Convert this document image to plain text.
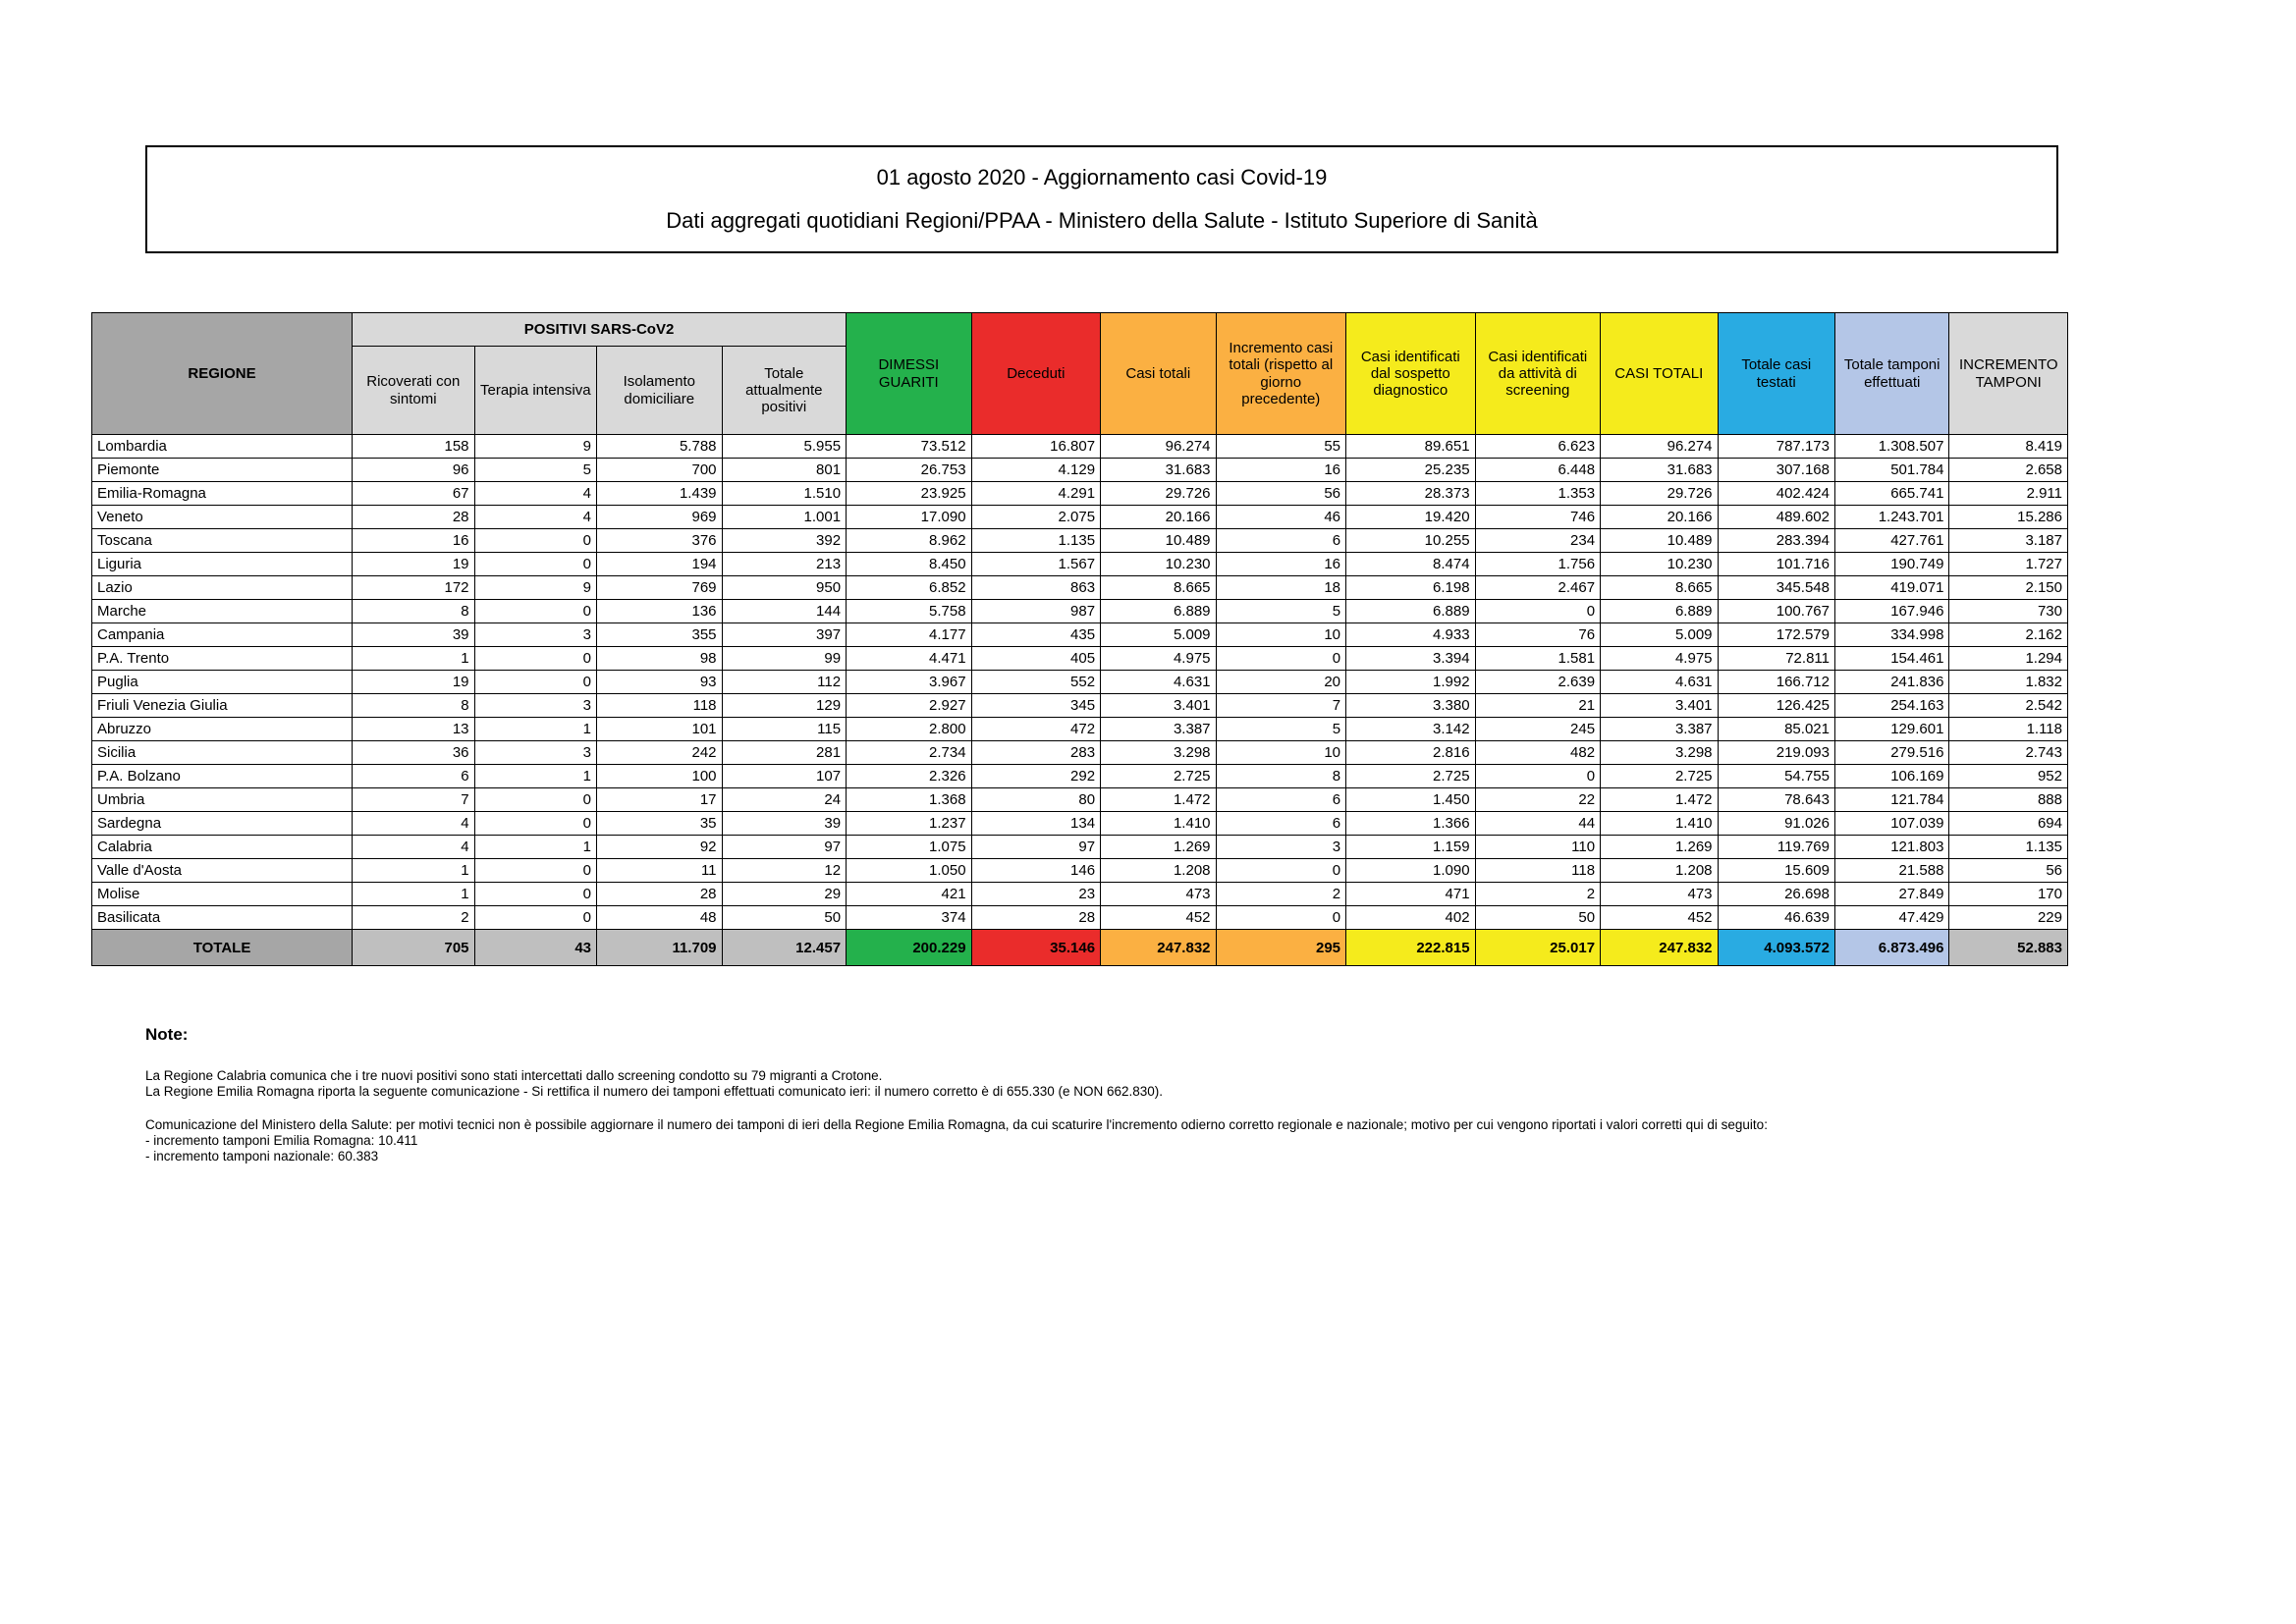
01 agosto 2020 - Aggiornamento casi Covid-19
Dati aggregati quotidiani Regioni/PPAA - Ministero della Salute - Istituto Superiore di Sanità
REGIONE	POSITIVI SARS-CoV2				DIMESSI GUARITI	Deceduti	Casi totali	Incremento casi totali (rispetto al giorno precedente)	Casi identificati dal sospetto diagnostico	Casi identificati da attività di screening	CASI TOTALI	Totale casi testati	Totale tamponi effettuati	INCREMENTO TAMPONI
	Ricoverati con sintomi	Terapia intensiva	Isolamento domiciliare	Totale attualmente positivi										
Lombardia	158	9	5.788	5.955	73.512	16.807	96.274	55	89.651	6.623	96.274	787.173	1.308.507	8.419
Piemonte	96	5	700	801	26.753	4.129	31.683	16	25.235	6.448	31.683	307.168	501.784	2.658
Emilia-Romagna	67	4	1.439	1.510	23.925	4.291	29.726	56	28.373	1.353	29.726	402.424	665.741	2.911
Veneto	28	4	969	1.001	17.090	2.075	20.166	46	19.420	746	20.166	489.602	1.243.701	15.286
Toscana	16	0	376	392	8.962	1.135	10.489	6	10.255	234	10.489	283.394	427.761	3.187
Liguria	19	0	194	213	8.450	1.567	10.230	16	8.474	1.756	10.230	101.716	190.749	1.727
Lazio	172	9	769	950	6.852	863	8.665	18	6.198	2.467	8.665	345.548	419.071	2.150
Marche	8	0	136	144	5.758	987	6.889	5	6.889	0	6.889	100.767	167.946	730
Campania	39	3	355	397	4.177	435	5.009	10	4.933	76	5.009	172.579	334.998	2.162
P.A. Trento	1	0	98	99	4.471	405	4.975	0	3.394	1.581	4.975	72.811	154.461	1.294
Puglia	19	0	93	112	3.967	552	4.631	20	1.992	2.639	4.631	166.712	241.836	1.832
Friuli Venezia Giulia	8	3	118	129	2.927	345	3.401	7	3.380	21	3.401	126.425	254.163	2.542
Abruzzo	13	1	101	115	2.800	472	3.387	5	3.142	245	3.387	85.021	129.601	1.118
Sicilia	36	3	242	281	2.734	283	3.298	10	2.816	482	3.298	219.093	279.516	2.743
P.A. Bolzano	6	1	100	107	2.326	292	2.725	8	2.725	0	2.725	54.755	106.169	952
Umbria	7	0	17	24	1.368	80	1.472	6	1.450	22	1.472	78.643	121.784	888
Sardegna	4	0	35	39	1.237	134	1.410	6	1.366	44	1.410	91.026	107.039	694
Calabria	4	1	92	97	1.075	97	1.269	3	1.159	110	1.269	119.769	121.803	1.135
Valle d'Aosta	1	0	11	12	1.050	146	1.208	0	1.090	118	1.208	15.609	21.588	56
Molise	1	0	28	29	421	23	473	2	471	2	473	26.698	27.849	170
Basilicata	2	0	48	50	374	28	452	0	402	50	452	46.639	47.429	229
TOTALE	705	43	11.709	12.457	200.229	35.146	247.832	295	222.815	25.017	247.832	4.093.572	6.873.496	52.883
Note:
La Regione Calabria comunica che i tre nuovi positivi sono stati intercettati dallo screening condotto su 79 migranti a Crotone.
La Regione Emilia Romagna riporta la seguente comunicazione - Si rettifica il numero dei tamponi effettuati comunicato ieri: il numero corretto è di 655.330 (e NON 662.830).
Comunicazione del Ministero della Salute: per motivi tecnici non è possibile aggiornare il numero dei tamponi di ieri della Regione Emilia Romagna, da cui scaturire l'incremento odierno corretto regionale e nazionale; motivo per cui vengono riportati i valori corretti qui di seguito:
- incremento tamponi Emilia Romagna: 10.411
- incremento tamponi nazionale: 60.383
